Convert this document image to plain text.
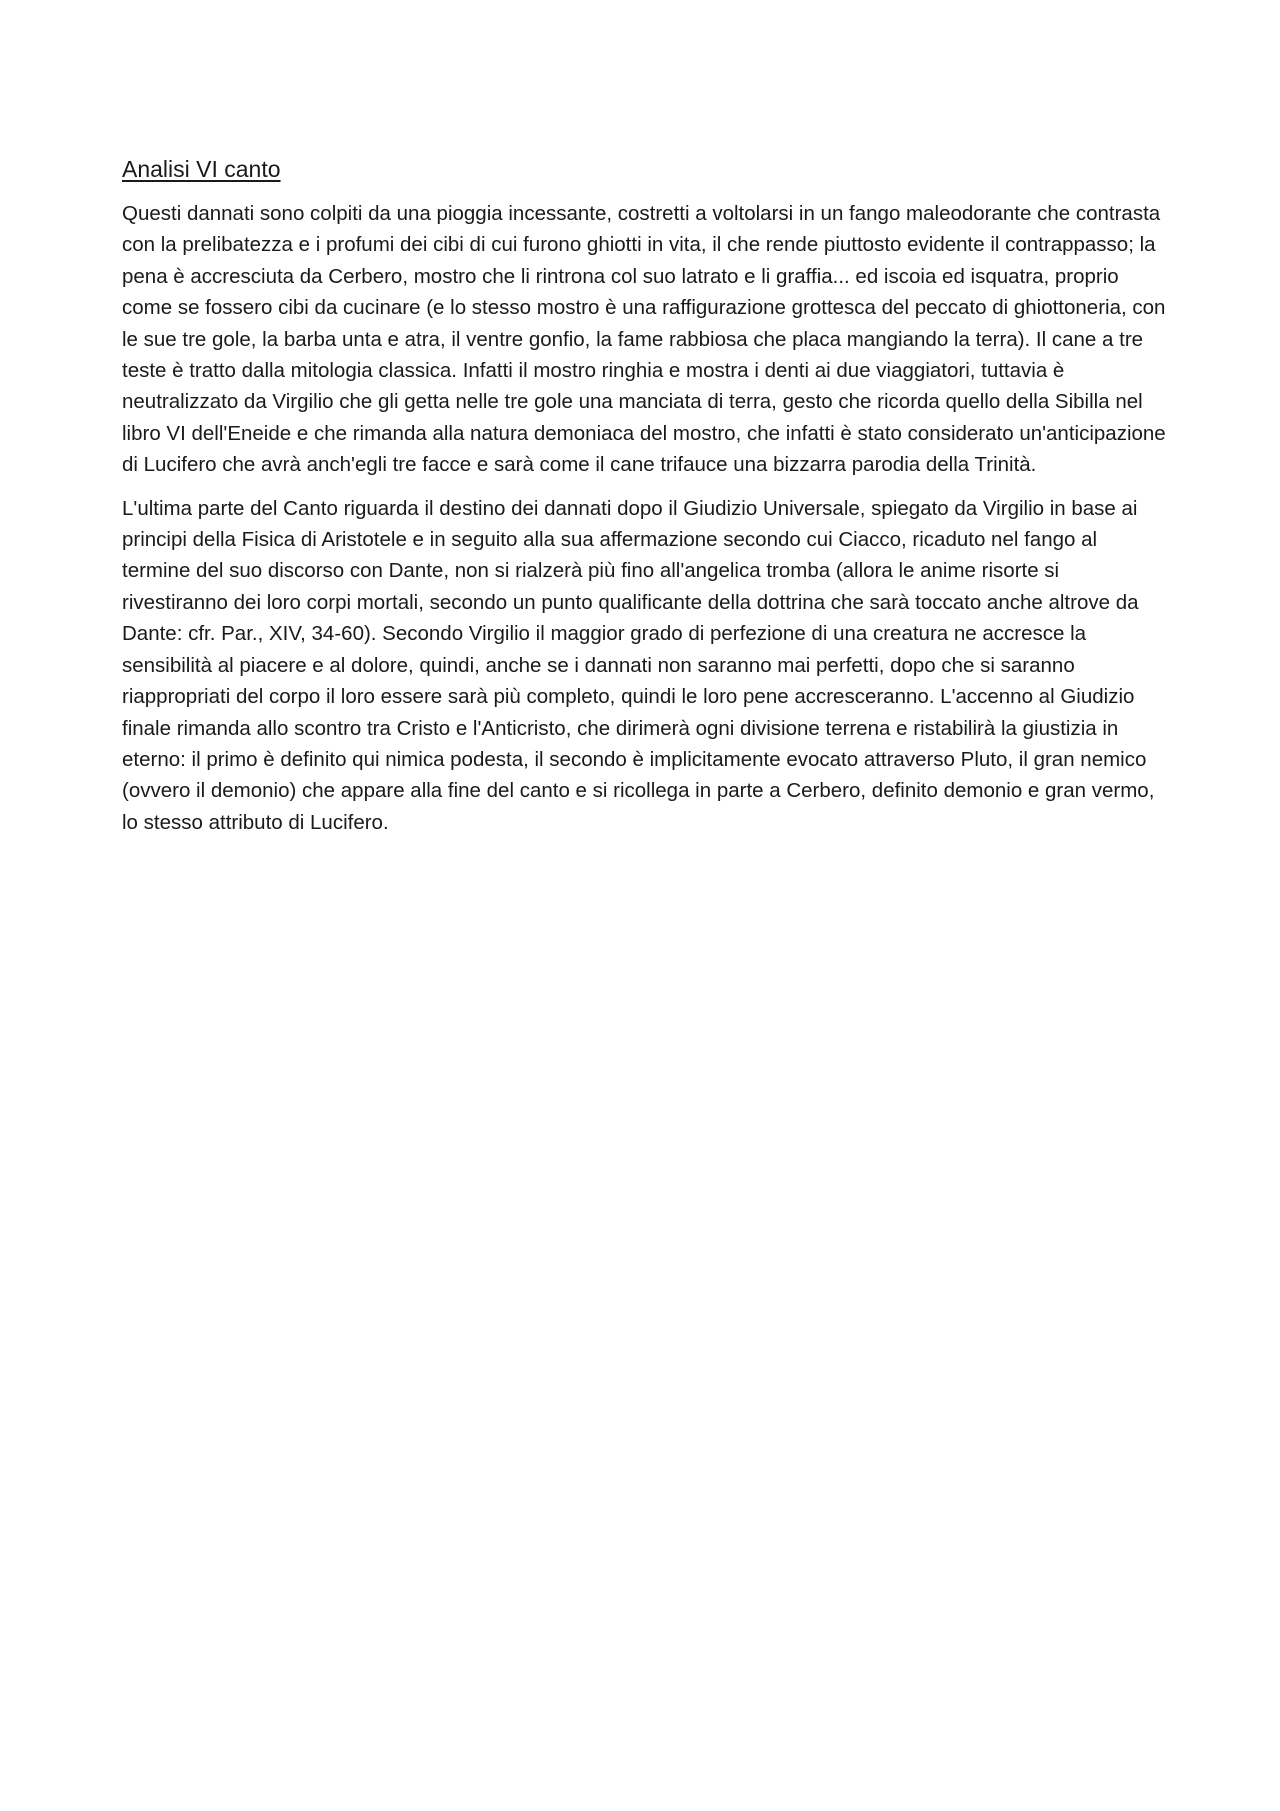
Analisi VI canto

Questi dannati sono colpiti da una pioggia incessante, costretti a voltolarsi in un fango maleodorante che contrasta con la prelibatezza e i profumi dei cibi di cui furono ghiotti in vita, il che rende piuttosto evidente il contrappasso; la pena è accresciuta da Cerbero, mostro che li rintrona col suo latrato e li graffia... ed iscoia ed isquatra, proprio come se fossero cibi da cucinare (e lo stesso mostro è una raffigurazione grottesca del peccato di ghiottoneria, con le sue tre gole, la barba unta e atra, il ventre gonfio, la fame rabbiosa che placa mangiando la terra). Il cane a tre teste è tratto dalla mitologia classica. Infatti il mostro ringhia e mostra i denti ai due viaggiatori, tuttavia è neutralizzato da Virgilio che gli getta nelle tre gole una manciata di terra, gesto che ricorda quello della Sibilla nel libro VI dell'Eneide e che rimanda alla natura demoniaca del mostro, che infatti è stato considerato un'anticipazione di Lucifero che avrà anch'egli tre facce e sarà come il cane trifauce una bizzarra parodia della Trinità.

L'ultima parte del Canto riguarda il destino dei dannati dopo il Giudizio Universale, spiegato da Virgilio in base ai principi della Fisica di Aristotele e in seguito alla sua affermazione secondo cui Ciacco, ricaduto nel fango al termine del suo discorso con Dante, non si rialzerà più fino all'angelica tromba (allora le anime risorte si rivestiranno dei loro corpi mortali, secondo un punto qualificante della dottrina che sarà toccato anche altrove da Dante: cfr. Par., XIV, 34-60). Secondo Virgilio il maggior grado di perfezione di una creatura ne accresce la sensibilità al piacere e al dolore, quindi, anche se i dannati non saranno mai perfetti, dopo che si saranno riappropriati del corpo il loro essere sarà più completo, quindi le loro pene accresceranno. L'accenno al Giudizio finale rimanda allo scontro tra Cristo e l'Anticristo, che dirimerà ogni divisione terrena e ristabilirà la giustizia in eterno: il primo è definito qui nimica podesta, il secondo è implicitamente evocato attraverso Pluto, il gran nemico (ovvero il demonio) che appare alla fine del canto e si ricollega in parte a Cerbero, definito demonio e gran vermo, lo stesso attributo di Lucifero.
